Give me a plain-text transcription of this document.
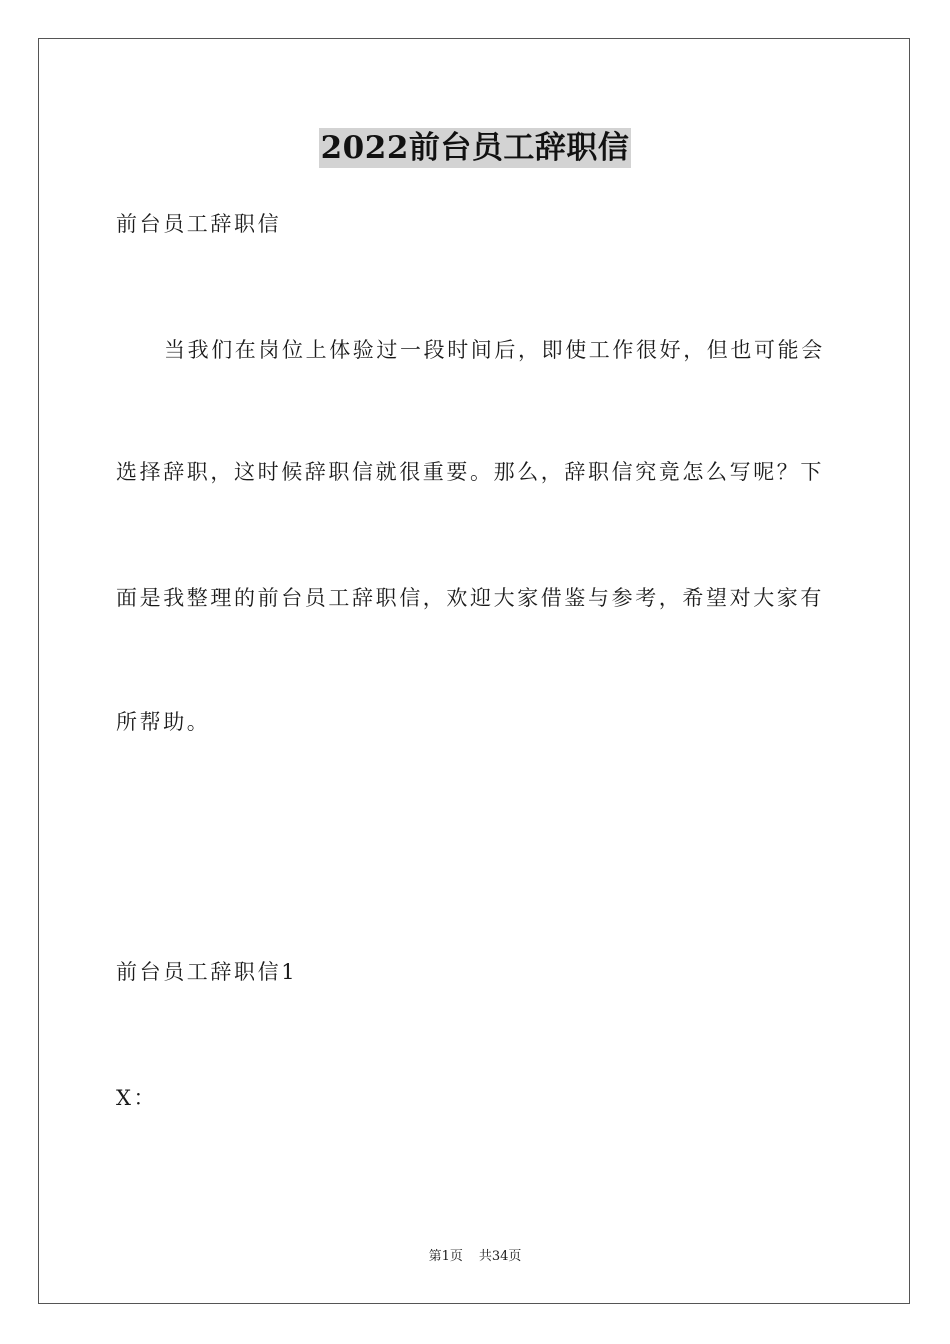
2022前台员工辞职信
前台员工辞职信
当我们在岗位上体验过一段时间后，即使工作很好，但也可能会
选择辞职，这时候辞职信就很重要。那么，辞职信究竟怎么写呢？下
面是我整理的前台员工辞职信，欢迎大家借鉴与参考，希望对大家有
所帮助。
前台员工辞职信1
X：
第1页 共34页
